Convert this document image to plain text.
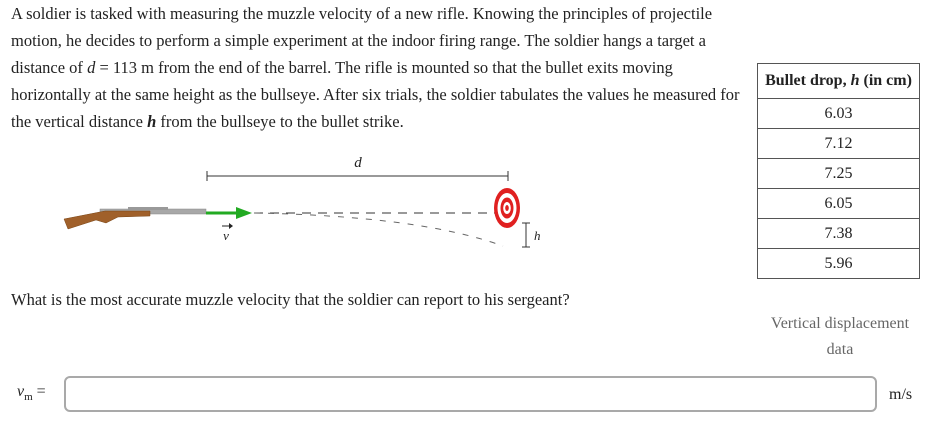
A soldier is tasked with measuring the muzzle velocity of a new rifle. Knowing the principles of projectile motion, he decides to perform a simple experiment at the indoor firing range. The soldier hangs a target a distance of d = 113 m from the end of the barrel. The rifle is mounted so that the bullet exits moving horizontally at the same height as the bullseye. After six trials, the soldier tabulates the values he measured for the vertical distance h from the bullseye to the bullet strike.
d
v	h
What is the most accurate muzzle velocity that the soldier can report to his sergeant?
Bullet drop, h (in cm)
6.03
7.12
7.25
6.05
7.38
5.96
Vertical displacement data
$v_m$ =	m/s
